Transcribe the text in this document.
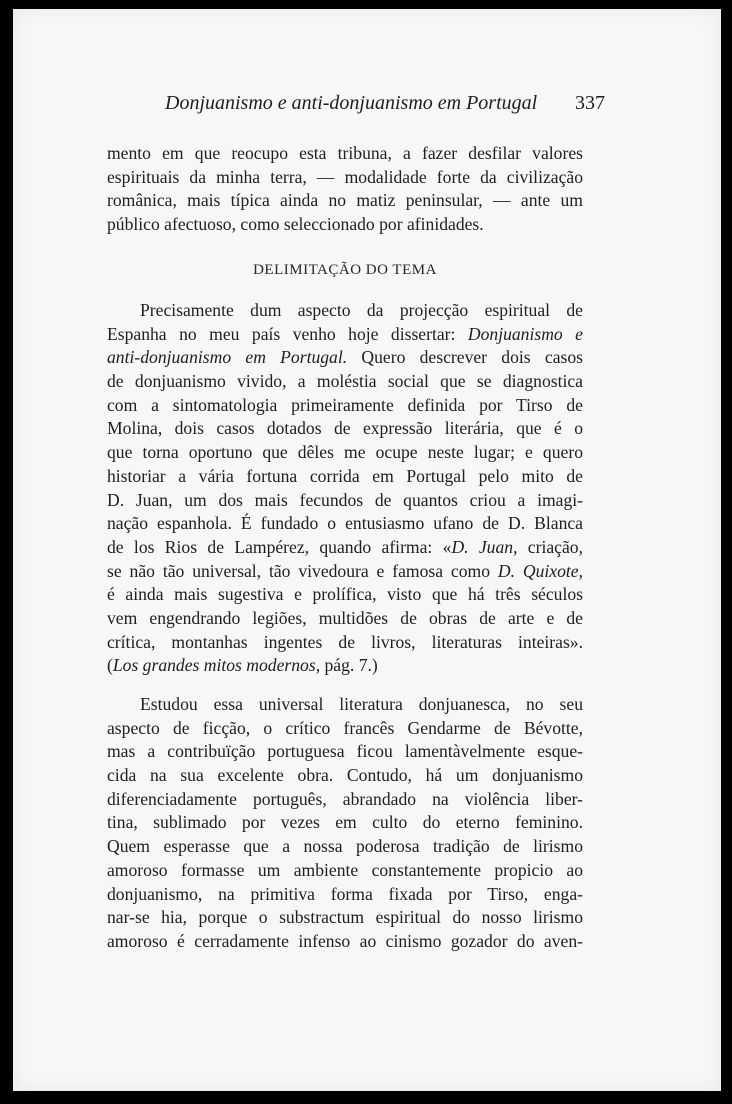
Donjuanismo e anti-donjuanismo em Portugal 337
mento em que reocupo esta tribuna, a fazer desfilar valores
espirituais da minha terra, — modalidade forte da civilização
românica, mais típica ainda no matiz peninsular, — ante um
público afectuoso, como seleccionado por afinidades.
DELIMITAÇÃO DO TEMA
Precisamente dum aspecto da projecção espiritual de
Espanha no meu país venho hoje dissertar: Donjuanismo e
anti-donjuanismo em Portugal. Quero descrever dois casos
de donjuanismo vivido, a moléstia social que se diagnostica
com a sintomatologia primeiramente definida por Tirso de
Molina, dois casos dotados de expressão literária, que é o
que torna oportuno que dêles me ocupe neste lugar; e quero
historiar a vária fortuna corrida em Portugal pelo mito de
D. Juan, um dos mais fecundos de quantos criou a imagi-
nação espanhola. É fundado o entusiasmo ufano de D. Blanca
de los Rios de Lampérez, quando afirma: «D. Juan, criação,
se não tão universal, tão vivedoura e famosa como D. Quixote,
é ainda mais sugestiva e prolífica, visto que há três séculos
vem engendrando legiões, multidões de obras de arte e de
crítica, montanhas ingentes de livros, literaturas inteiras».
(Los grandes mitos modernos, pág. 7.)
Estudou essa universal literatura donjuanesca, no seu
aspecto de ficção, o crítico francês Gendarme de Bévotte,
mas a contribuïção portuguesa ficou lamentàvelmente esque-
cida na sua excelente obra. Contudo, há um donjuanismo
diferenciadamente português, abrandado na violência liber-
tina, sublimado por vezes em culto do eterno feminino.
Quem esperasse que a nossa poderosa tradição de lirismo
amoroso formasse um ambiente constantemente propicio ao
donjuanismo, na primitiva forma fixada por Tirso, enga-
nar-se hia, porque o substractum espiritual do nosso lirismo
amoroso é cerradamente infenso ao cinismo gozador do aven-
